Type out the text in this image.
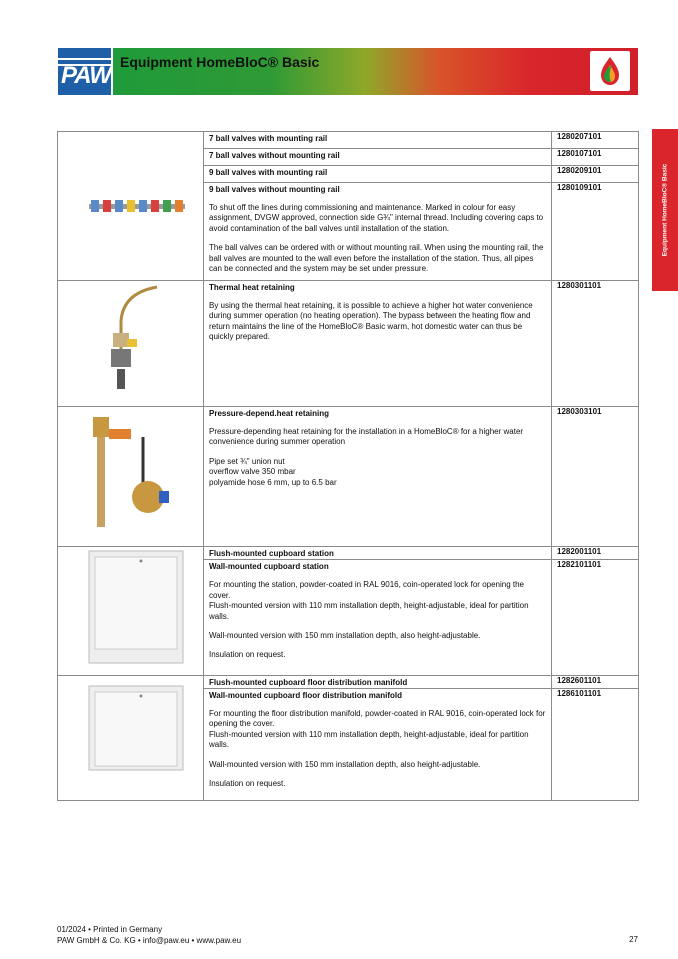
PAW Equipment HomeBloC® Basic
Equipment HomeBloC® Basic

7 ball valves with mounting rail	1280207101

	7 ball valves without mounting rail	1280107101

	9 ball valves with mounting rail	1280209101

	9 ball valves without mounting rail

To shut off the lines during commissioning and maintenance. Marked in colour for easy assignment, DVGW approved, connection side G¾" internal thread. Including covering caps to avoid contamination of the ball valves until installation of the station.

The ball valves can be ordered with or without mounting rail. When using the mounting rail, the ball valves are mounted to the wall even before the installation of the station. Thus, all pipes can be connected and the system may be set under pressure.	1280109101

Thermal heat retaining

By using the thermal heat retaining, it is possible to achieve a higher hot water convenience during summer operation (no heating operation). The bypass between the heating flow and return maintains the line of the HomeBloC® Basic warm, hot domestic water can thus be quickly prepared.	1280301101

Pressure-depend.heat retaining

Pressure-depending heat retaining for the installation in a HomeBloC® for a higher water convenience during summer operation

Pipe set ¾" union nut
overflow valve 350 mbar
polyamide hose 6 mm, up to 6.5 bar	1280303101

Flush-mounted cupboard station	1282001101

	Wall-mounted cupboard station

For mounting the station, powder-coated in RAL 9016, coin-operated lock for opening the cover.
Flush-mounted version with 110 mm installation depth, height-adjustable, ideal for partition walls.

Wall-mounted version with 150 mm installation depth, also height-adjustable.

Insulation on request.	1282101101

Flush-mounted cupboard floor distribution manifold	1282601101

	Wall-mounted cupboard floor distribution manifold

For mounting the floor distribution manifold, powder-coated in RAL 9016, coin-operated lock for opening the cover.
Flush-mounted version with 110 mm installation depth, height-adjustable, ideal for partition walls.

Wall-mounted version with 150 mm installation depth, also height-adjustable.

Insulation on request.	1286101101
01/2024 • Printed in Germany
PAW GmbH & Co. KG • info@paw.eu • www.paw.eu	27
